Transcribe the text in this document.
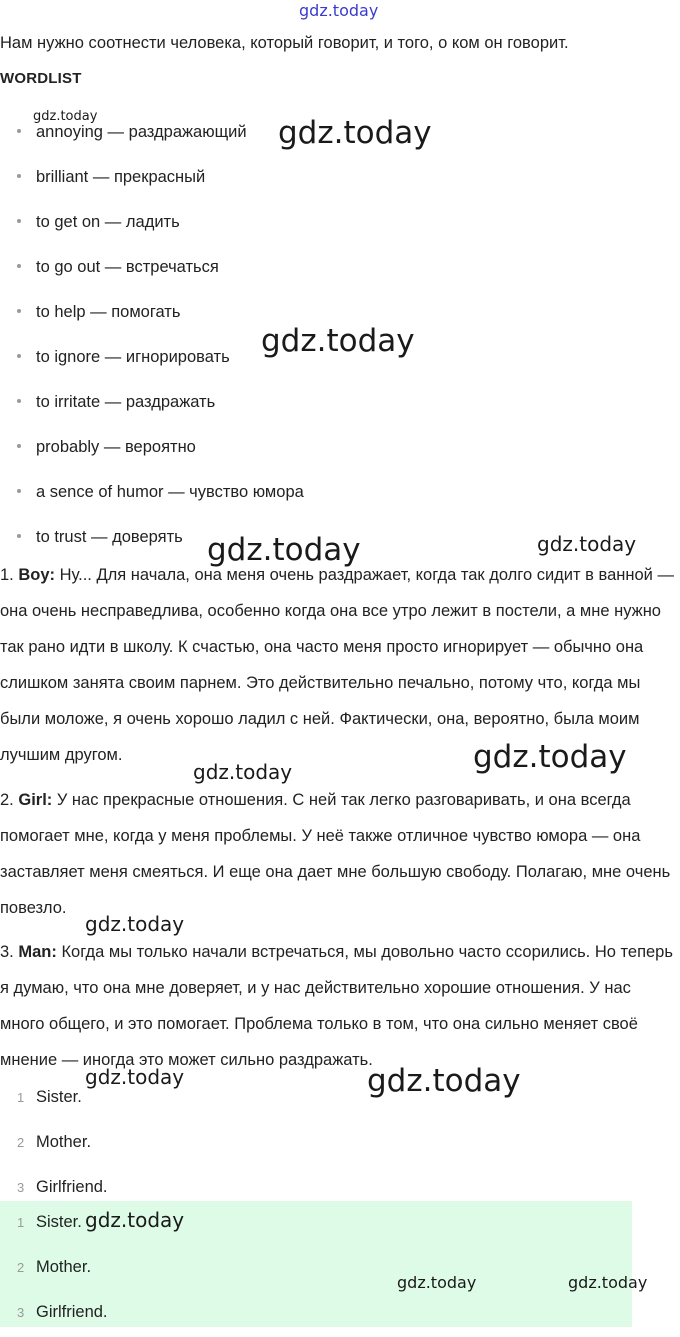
gdz.today
gdz.today	gdz.today
gdz.today
gdz.today	gdz.today
gdz.today
gdz.today
gdz.today
gdz.today	gdz.today
Нам нужно соотнести человека, который говорит, и того, о ком он говорит.
WORDLIST
annoying — раздражающий
brilliant — прекрасный
to get on — ладить
to go out — встречаться
to help — помогать
to ignore — игнорировать
to irritate — раздражать
probably — вероятно
a sence of humor — чувство юмора
to trust — доверять

1. Boy: Ну... Для начала, она меня очень раздражает, когда так долго сидит в ванной — она очень несправедлива, особенно когда она все утро лежит в постели, а мне нужно так рано идти в школу. К счастью, она часто меня просто игнорирует — обычно она слишком занята своим парнем. Это действительно печально, потому что, когда мы были моложе, я очень хорошо ладил с ней. Фактически, она, вероятно, была моим лучшим другом.

2. Girl: У нас прекрасные отношения. С ней так легко разговаривать, и она всегда помогает мне, когда у меня проблемы. У неё также отличное чувство юмора — она заставляет меня смеяться. И еще она дает мне большую свободу. Полагаю, мне очень повезло.

3. Man: Когда мы только начали встречаться, мы довольно часто ссорились. Но теперь я думаю, что она мне доверяет, и у нас действительно хорошие отношения. У нас много общего, и это помогает. Проблема только в том, что она сильно меняет своё мнение — иногда это может сильно раздражать.

1 Sister.
2 Mother.
3 Girlfriend.
1 Sister.
2 Mother.
3 Girlfriend.
gdz.today
gdz.today	gdz.today
